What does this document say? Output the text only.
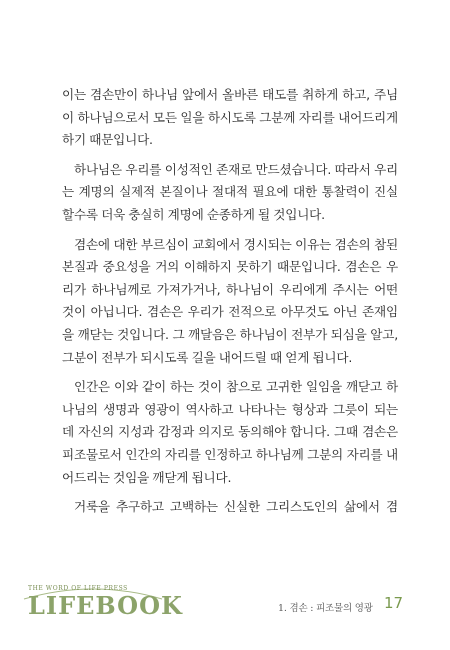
이는 겸손만이 하나님 앞에서 올바른 태도를 취하게 하고, 주님이 하나님으로서 모든 일을 하시도록 그분께 자리를 내어드리게 하기 때문입니다.

하나님은 우리를 이성적인 존재로 만드셨습니다. 따라서 우리는 계명의 실제적 본질이나 절대적 필요에 대한 통찰력이 진실할수록 더욱 충실히 계명에 순종하게 될 것입니다.

겸손에 대한 부르심이 교회에서 경시되는 이유는 겸손의 참된 본질과 중요성을 거의 이해하지 못하기 때문입니다. 겸손은 우리가 하나님께로 가져가거나, 하나님이 우리에게 주시는 어떤 것이 아닙니다. 겸손은 우리가 전적으로 아무것도 아닌 존재임을 깨닫는 것입니다. 그 깨달음은 하나님이 전부가 되심을 알고, 그분이 전부가 되시도록 길을 내어드릴 때 얻게 됩니다.

인간은 이와 같이 하는 것이 참으로 고귀한 일임을 깨닫고 하나님의 생명과 영광이 역사하고 나타나는 형상과 그릇이 되는 데 자신의 지성과 감정과 의지로 동의해야 합니다. 그때 겸손은 피조물로서 인간의 자리를 인정하고 하나님께 그분의 자리를 내어드리는 것임을 깨닫게 됩니다.

거룩을 추구하고 고백하는 신실한 그리스도인의 삶에서 겸

THE WORD OF LIFE PRESS
LIFEBOOK	1. 겸손 : 피조물의 영광 17
